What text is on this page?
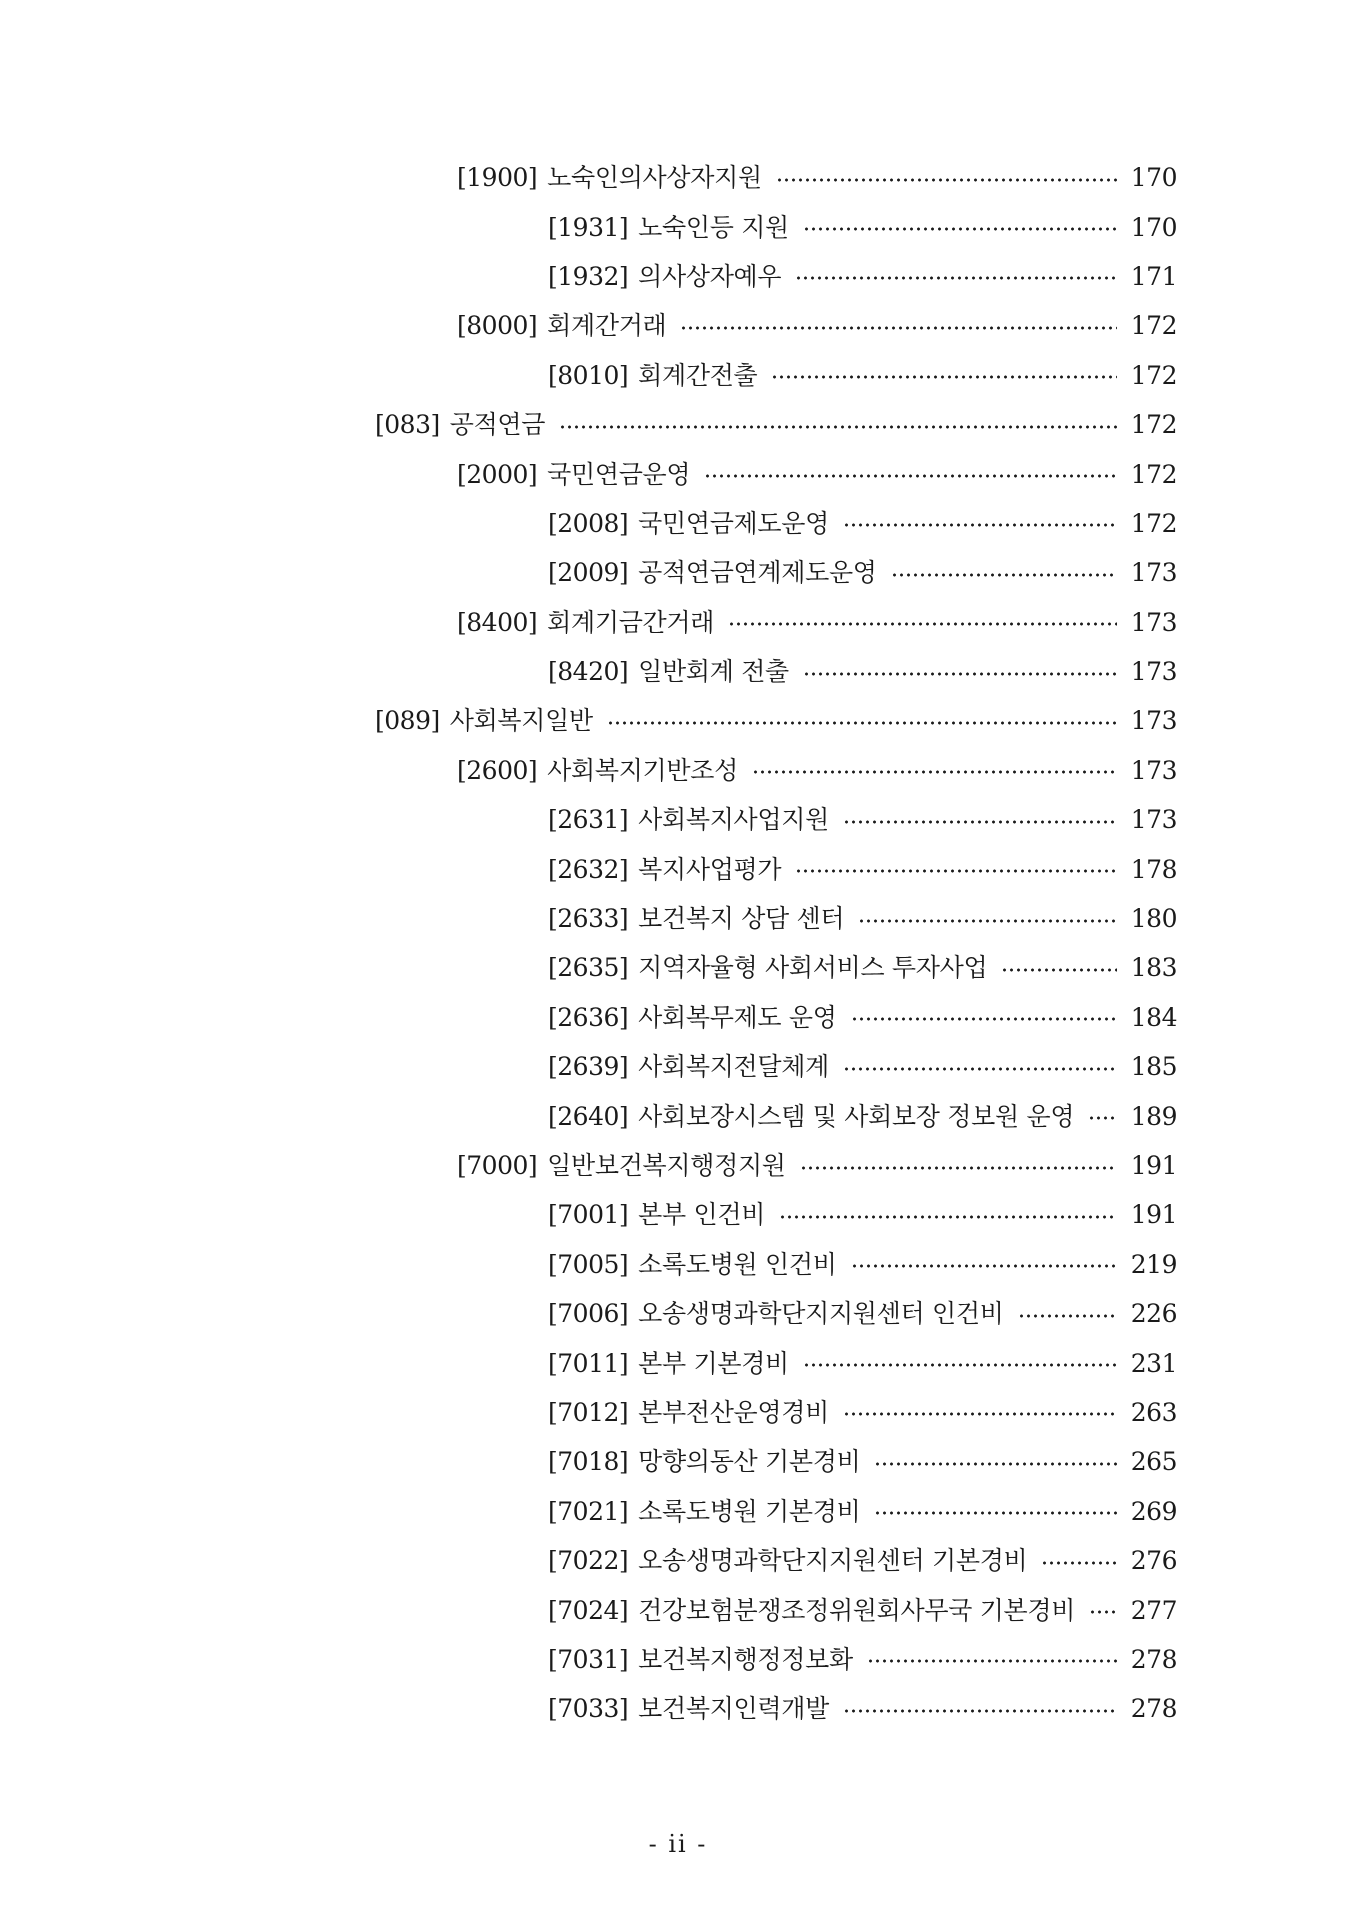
[1900] 노숙인의사상자지원	170
[1931] 노숙인등 지원	170
[1932] 의사상자예우	171
[8000] 회계간거래	172
[8010] 회계간전출	172
[083] 공적연금	172
[2000] 국민연금운영	172
[2008] 국민연금제도운영	172
[2009] 공적연금연계제도운영	173
[8400] 회계기금간거래	173
[8420] 일반회계 전출	173
[089] 사회복지일반	173
[2600] 사회복지기반조성	173
[2631] 사회복지사업지원	173
[2632] 복지사업평가	178
[2633] 보건복지 상담 센터	180
[2635] 지역자율형 사회서비스 투자사업	183
[2636] 사회복무제도 운영	184
[2639] 사회복지전달체계	185
[2640] 사회보장시스템 및 사회보장 정보원 운영 189
[7000] 일반보건복지행정지원	191
[7001] 본부 인건비	191
[7005] 소록도병원 인건비	219
[7006] 오송생명과학단지지원센터 인건비	226
[7011] 본부 기본경비	231
[7012] 본부전산운영경비	263
[7018] 망향의동산 기본경비	265
[7021] 소록도병원 기본경비	269
[7022] 오송생명과학단지지원센터 기본경비	276
[7024] 건강보험분쟁조정위원회사무국 기본경비 277
[7031] 보건복지행정정보화	278
[7033] 보건복지인력개발	278
- ii -
